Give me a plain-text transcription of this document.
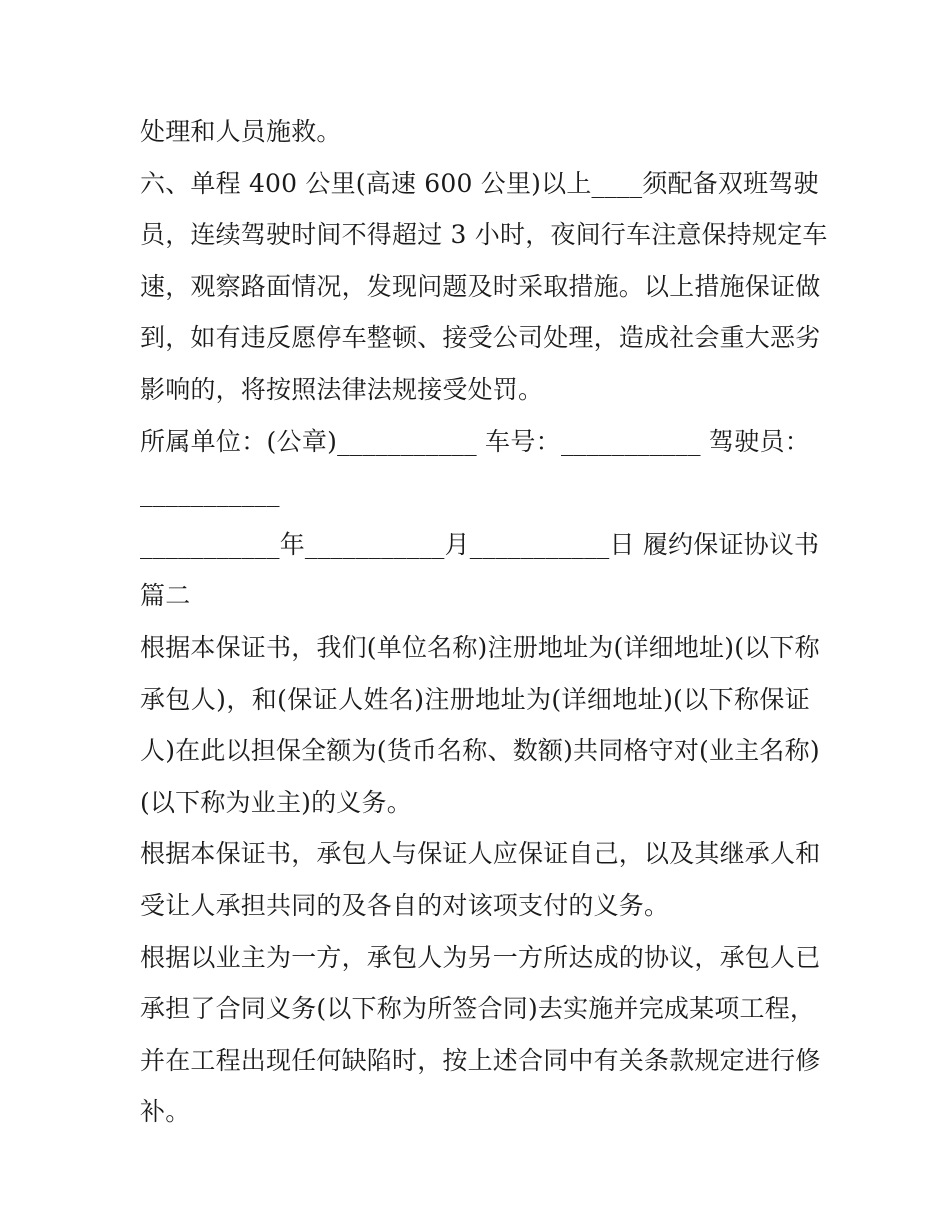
处理和人员施救。
六、单程 400 公里(高速 600 公里)以上____须配备双班驾驶
员，连续驾驶时间不得超过 3 小时，夜间行车注意保持规定车
速，观察路面情况，发现问题及时采取措施。以上措施保证做
到，如有违反愿停车整顿、接受公司处理，造成社会重大恶劣
影响的，将按照法律法规接受处罚。
所属单位：(公章)___________ 车号：___________ 驾驶员：
___________
___________年___________月___________日 履约保证协议书
篇二
根据本保证书，我们(单位名称)注册地址为(详细地址)(以下称
承包人)，和(保证人姓名)注册地址为(详细地址)(以下称保证
人)在此以担保全额为(货币名称、数额)共同格守对(业主名称)
(以下称为业主)的义务。
根据本保证书，承包人与保证人应保证自己，以及其继承人和
受让人承担共同的及各自的对该项支付的义务。
根据以业主为一方，承包人为另一方所达成的协议，承包人已
承担了合同义务(以下称为所签合同)去实施并完成某项工程，
并在工程出现任何缺陷时，按上述合同中有关条款规定进行修
补。
